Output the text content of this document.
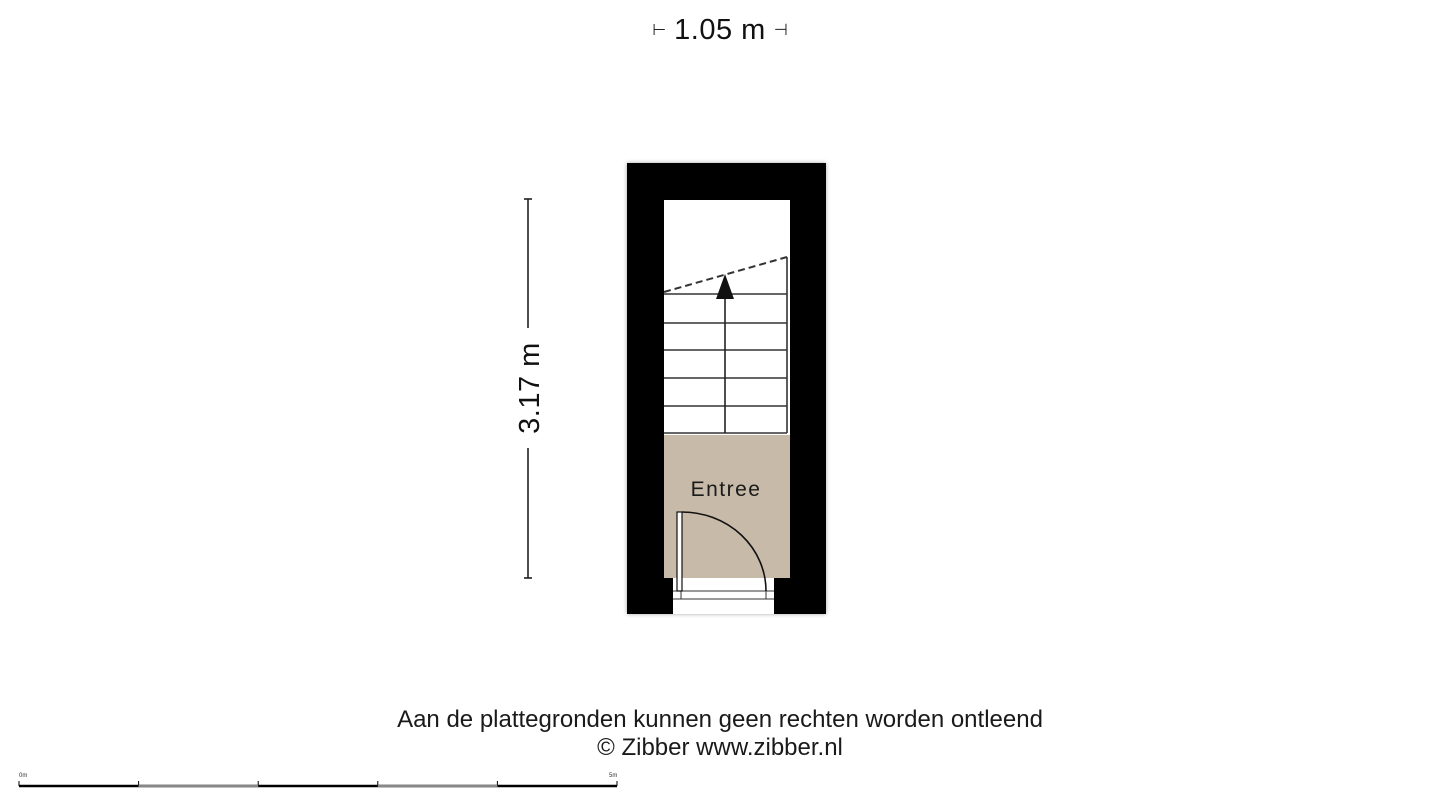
⊢ 1.05 m ⊣
3.17 m
Entree
Aan de plattegronden kunnen geen rechten worden ontleend
© Zibber www.zibber.nl
0m	5m
